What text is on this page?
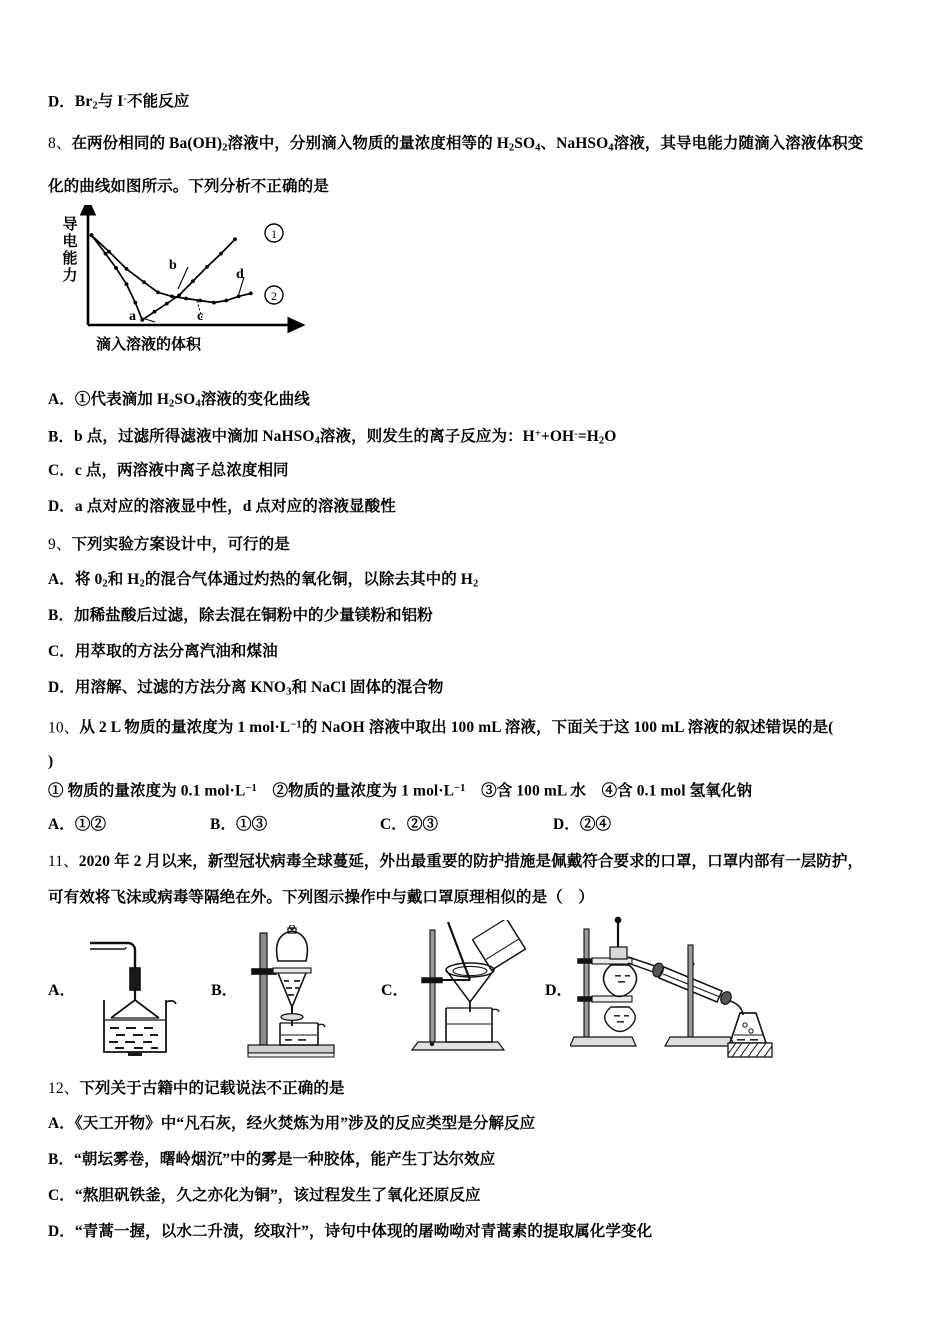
D．$Br_2$与 I-不能反应
8、在两份相同的 $Ba(OH)_2$溶液中，分别滴入物质的量浓度相等的 $H_2SO_4$、NaHSO$_4$溶液，其导电能力随滴入溶液体积变
化的曲线如图所示。下列分析不正确的是
导电能力
1
2
b
a	c
d
滴入溶液的体积
A．①代表滴加 $H_2SO_4$溶液的变化曲线
B．b 点，过滤所得滤液中滴加 NaHSO$_4$溶液，则发生的离子反应为：$H^++OH^-=H_2O$
C．c 点，两溶液中离子总浓度相同
D．a 点对应的溶液显中性，d 点对应的溶液显酸性
9、下列实验方案设计中，可行的是
A．将 $0_2$和 $H_2$的混合气体通过灼热的氧化铜，以除去其中的 $H_2$
B．加稀盐酸后过滤，除去混在铜粉中的少量镁粉和铝粉
C．用萃取的方法分离汽油和煤油
D．用溶解、过滤的方法分离 $KNO_3$和 NaCl 固体的混合物
10、从 2 L 物质的量浓度为 1 $mol\cdot L^{-1}$的 NaOH 溶液中取出 100 mL 溶液，下面关于这 100 mL 溶液的叙述错误的是(
)
① 物质的量浓度为 0.1 $mol\cdot L^{-1}$　②物质的量浓度为 1 $mol\cdot L^{-1}$　③含 100 mL 水　④含 0.1 mol 氢氧化钠
A．①②	B．①③	C．②③	D．②④
11、2020 年 2 月以来，新型冠状病毒全球蔓延，外出最重要的防护措施是佩戴符合要求的口罩，口罩内部有一层防护，
可有效将飞沫或病毒等隔绝在外。下列图示操作中与戴口罩原理相似的是（　）
A．	B．	C．	D．
12、下列关于古籍中的记载说法不正确的是
A．《天工开物》中“凡石灰，经火焚炼为用”涉及的反应类型是分解反应
B．“朝坛雾卷，曙岭烟沉”中的雾是一种胶体，能产生丁达尔效应
C．“熬胆矾铁釜，久之亦化为铜”，该过程发生了氧化还原反应
D．“青蒿一握，以水二升渍，绞取汁”，诗句中体现的屠呦呦对青蒿素的提取属化学变化
